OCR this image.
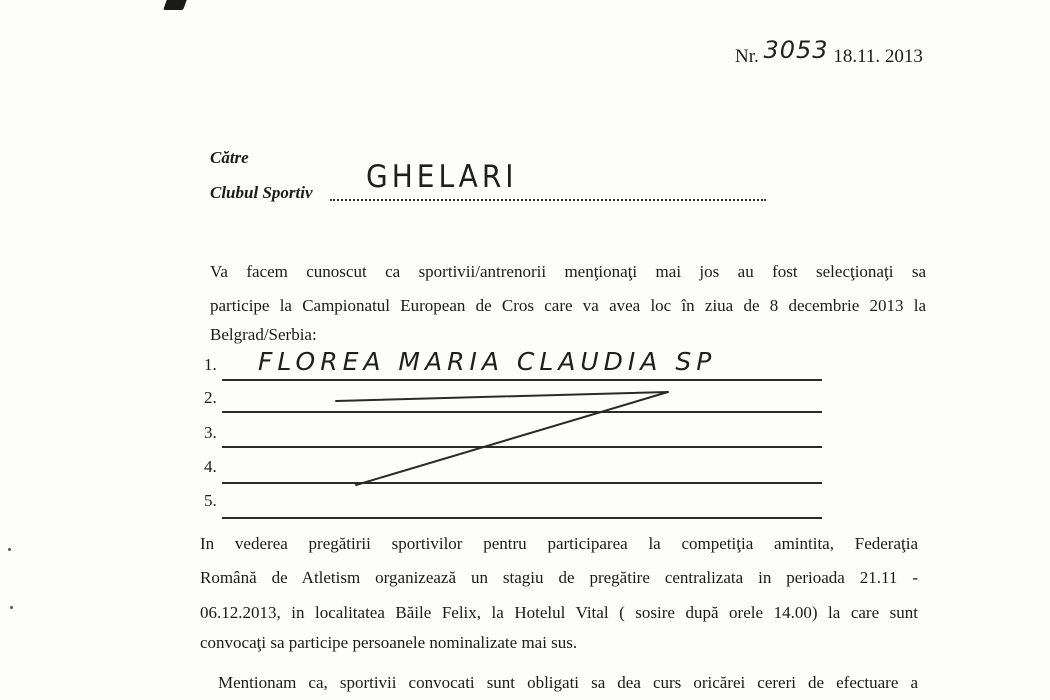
Nr. 3053 18.11. 2013
Către
Clubul Sportiv GHELARI
Va facem cunoscut ca sportivii/antrenorii menţionaţi mai jos au fost selecţionaţi sa
participe la Campionatul European de Cros care va avea loc în ziua de 8 decembrie 2013 la
Belgrad/Serbia:
1.
2.
3.
4.
5.
FLOREA MARIA CLAUDIA SP
In vederea pregătirii sportivilor pentru participarea la competiţia amintita, Federaţia
Română de Atletism organizează un stagiu de pregătire centralizata in perioada 21.11 -
06.12.2013, in localitatea Băile Felix, la Hotelul Vital ( sosire după orele 14.00) la care sunt
convocaţi sa participe persoanele nominalizate mai sus.
Mentionam ca, sportivii convocati sunt obligati sa dea curs oricărei cereri de efectuare a
